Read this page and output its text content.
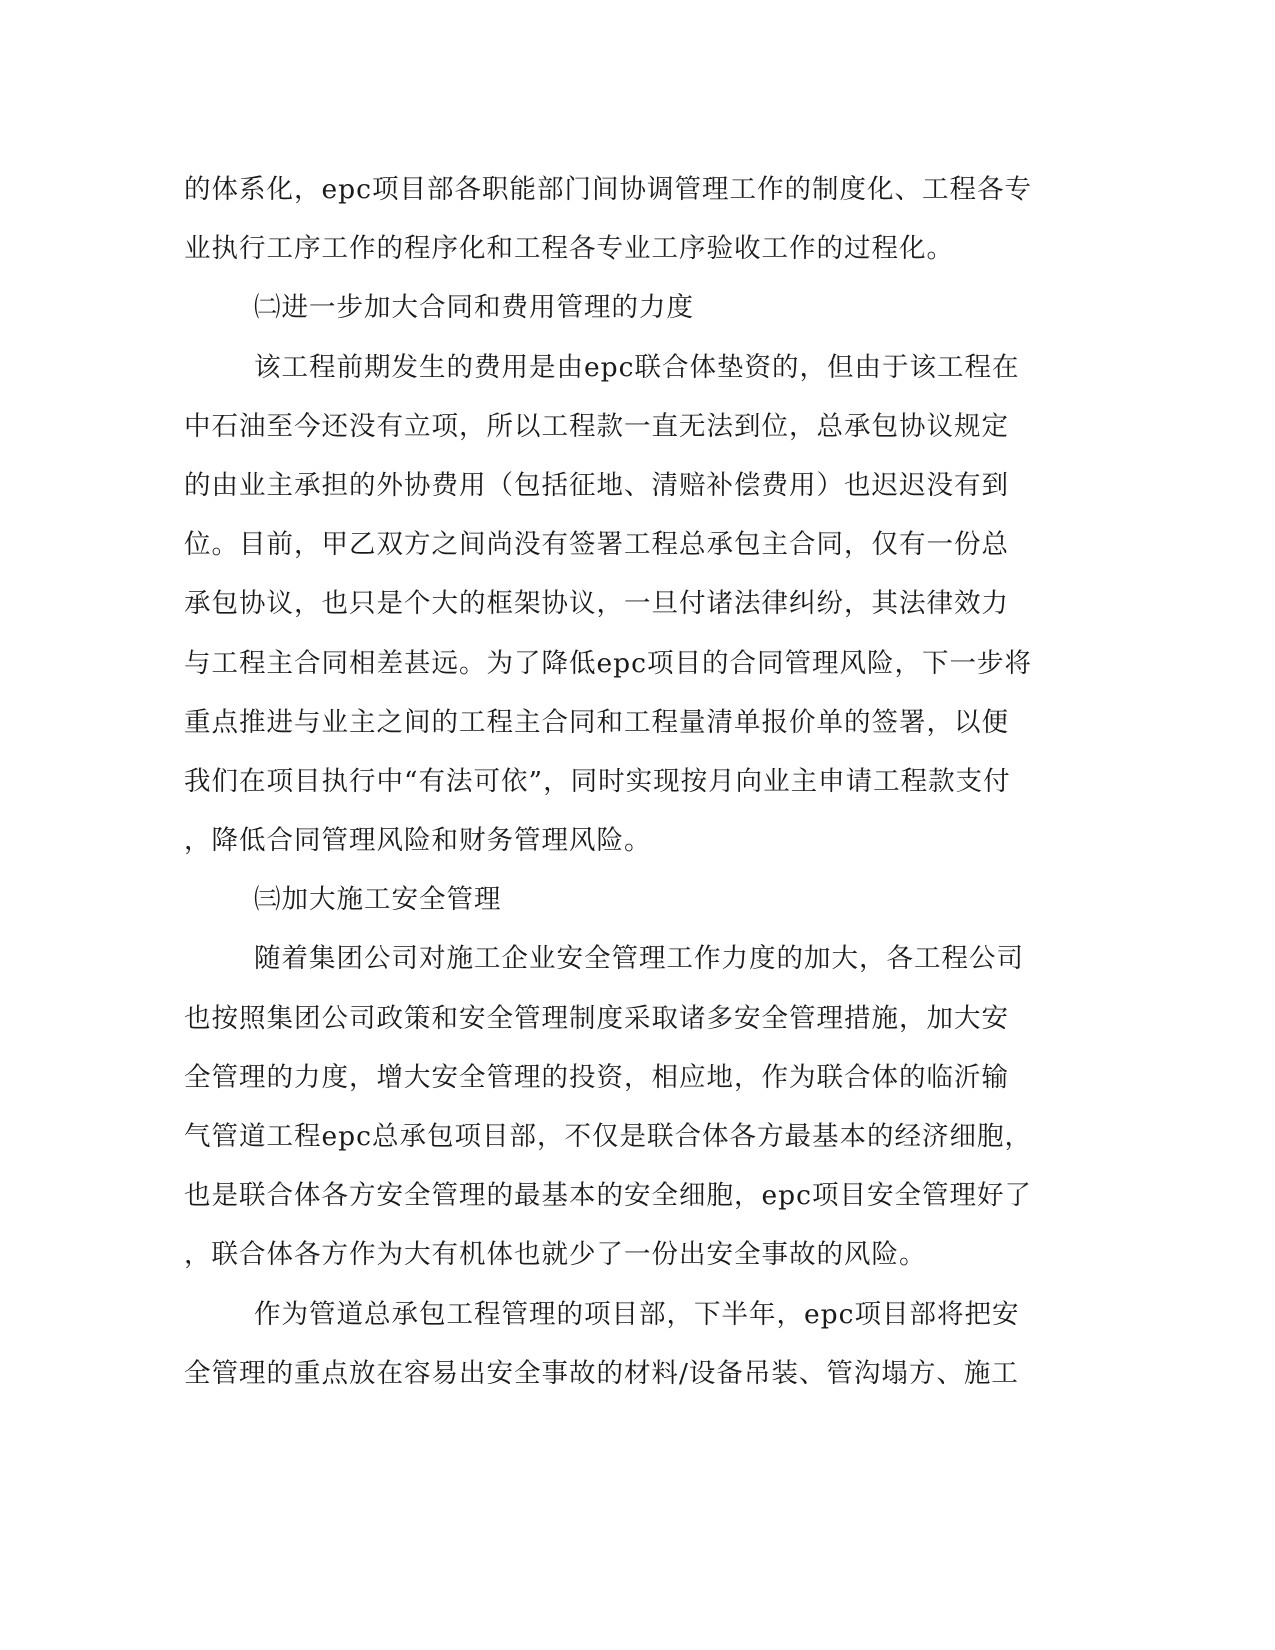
的体系化，epc项目部各职能部门间协调管理工作的制度化、工程各专
业执行工序工作的程序化和工程各专业工序验收工作的过程化。
㈡进一步加大合同和费用管理的力度
该工程前期发生的费用是由epc联合体垫资的，但由于该工程在
中石油至今还没有立项，所以工程款一直无法到位，总承包协议规定
的由业主承担的外协费用（包括征地、清赔补偿费用）也迟迟没有到
位。目前，甲乙双方之间尚没有签署工程总承包主合同，仅有一份总
承包协议，也只是个大的框架协议，一旦付诸法律纠纷，其法律效力
与工程主合同相差甚远。为了降低epc项目的合同管理风险，下一步将
重点推进与业主之间的工程主合同和工程量清单报价单的签署，以便
我们在项目执行中“有法可依”，同时实现按月向业主申请工程款支付
，降低合同管理风险和财务管理风险。
㈢加大施工安全管理
随着集团公司对施工企业安全管理工作力度的加大，各工程公司
也按照集团公司政策和安全管理制度采取诸多安全管理措施，加大安
全管理的力度，增大安全管理的投资，相应地，作为联合体的临沂输
气管道工程epc总承包项目部，不仅是联合体各方最基本的经济细胞，
也是联合体各方安全管理的最基本的安全细胞，epc项目安全管理好了
，联合体各方作为大有机体也就少了一份出安全事故的风险。
作为管道总承包工程管理的项目部，下半年，epc项目部将把安
全管理的重点放在容易出安全事故的材料/设备吊装、管沟塌方、施工
